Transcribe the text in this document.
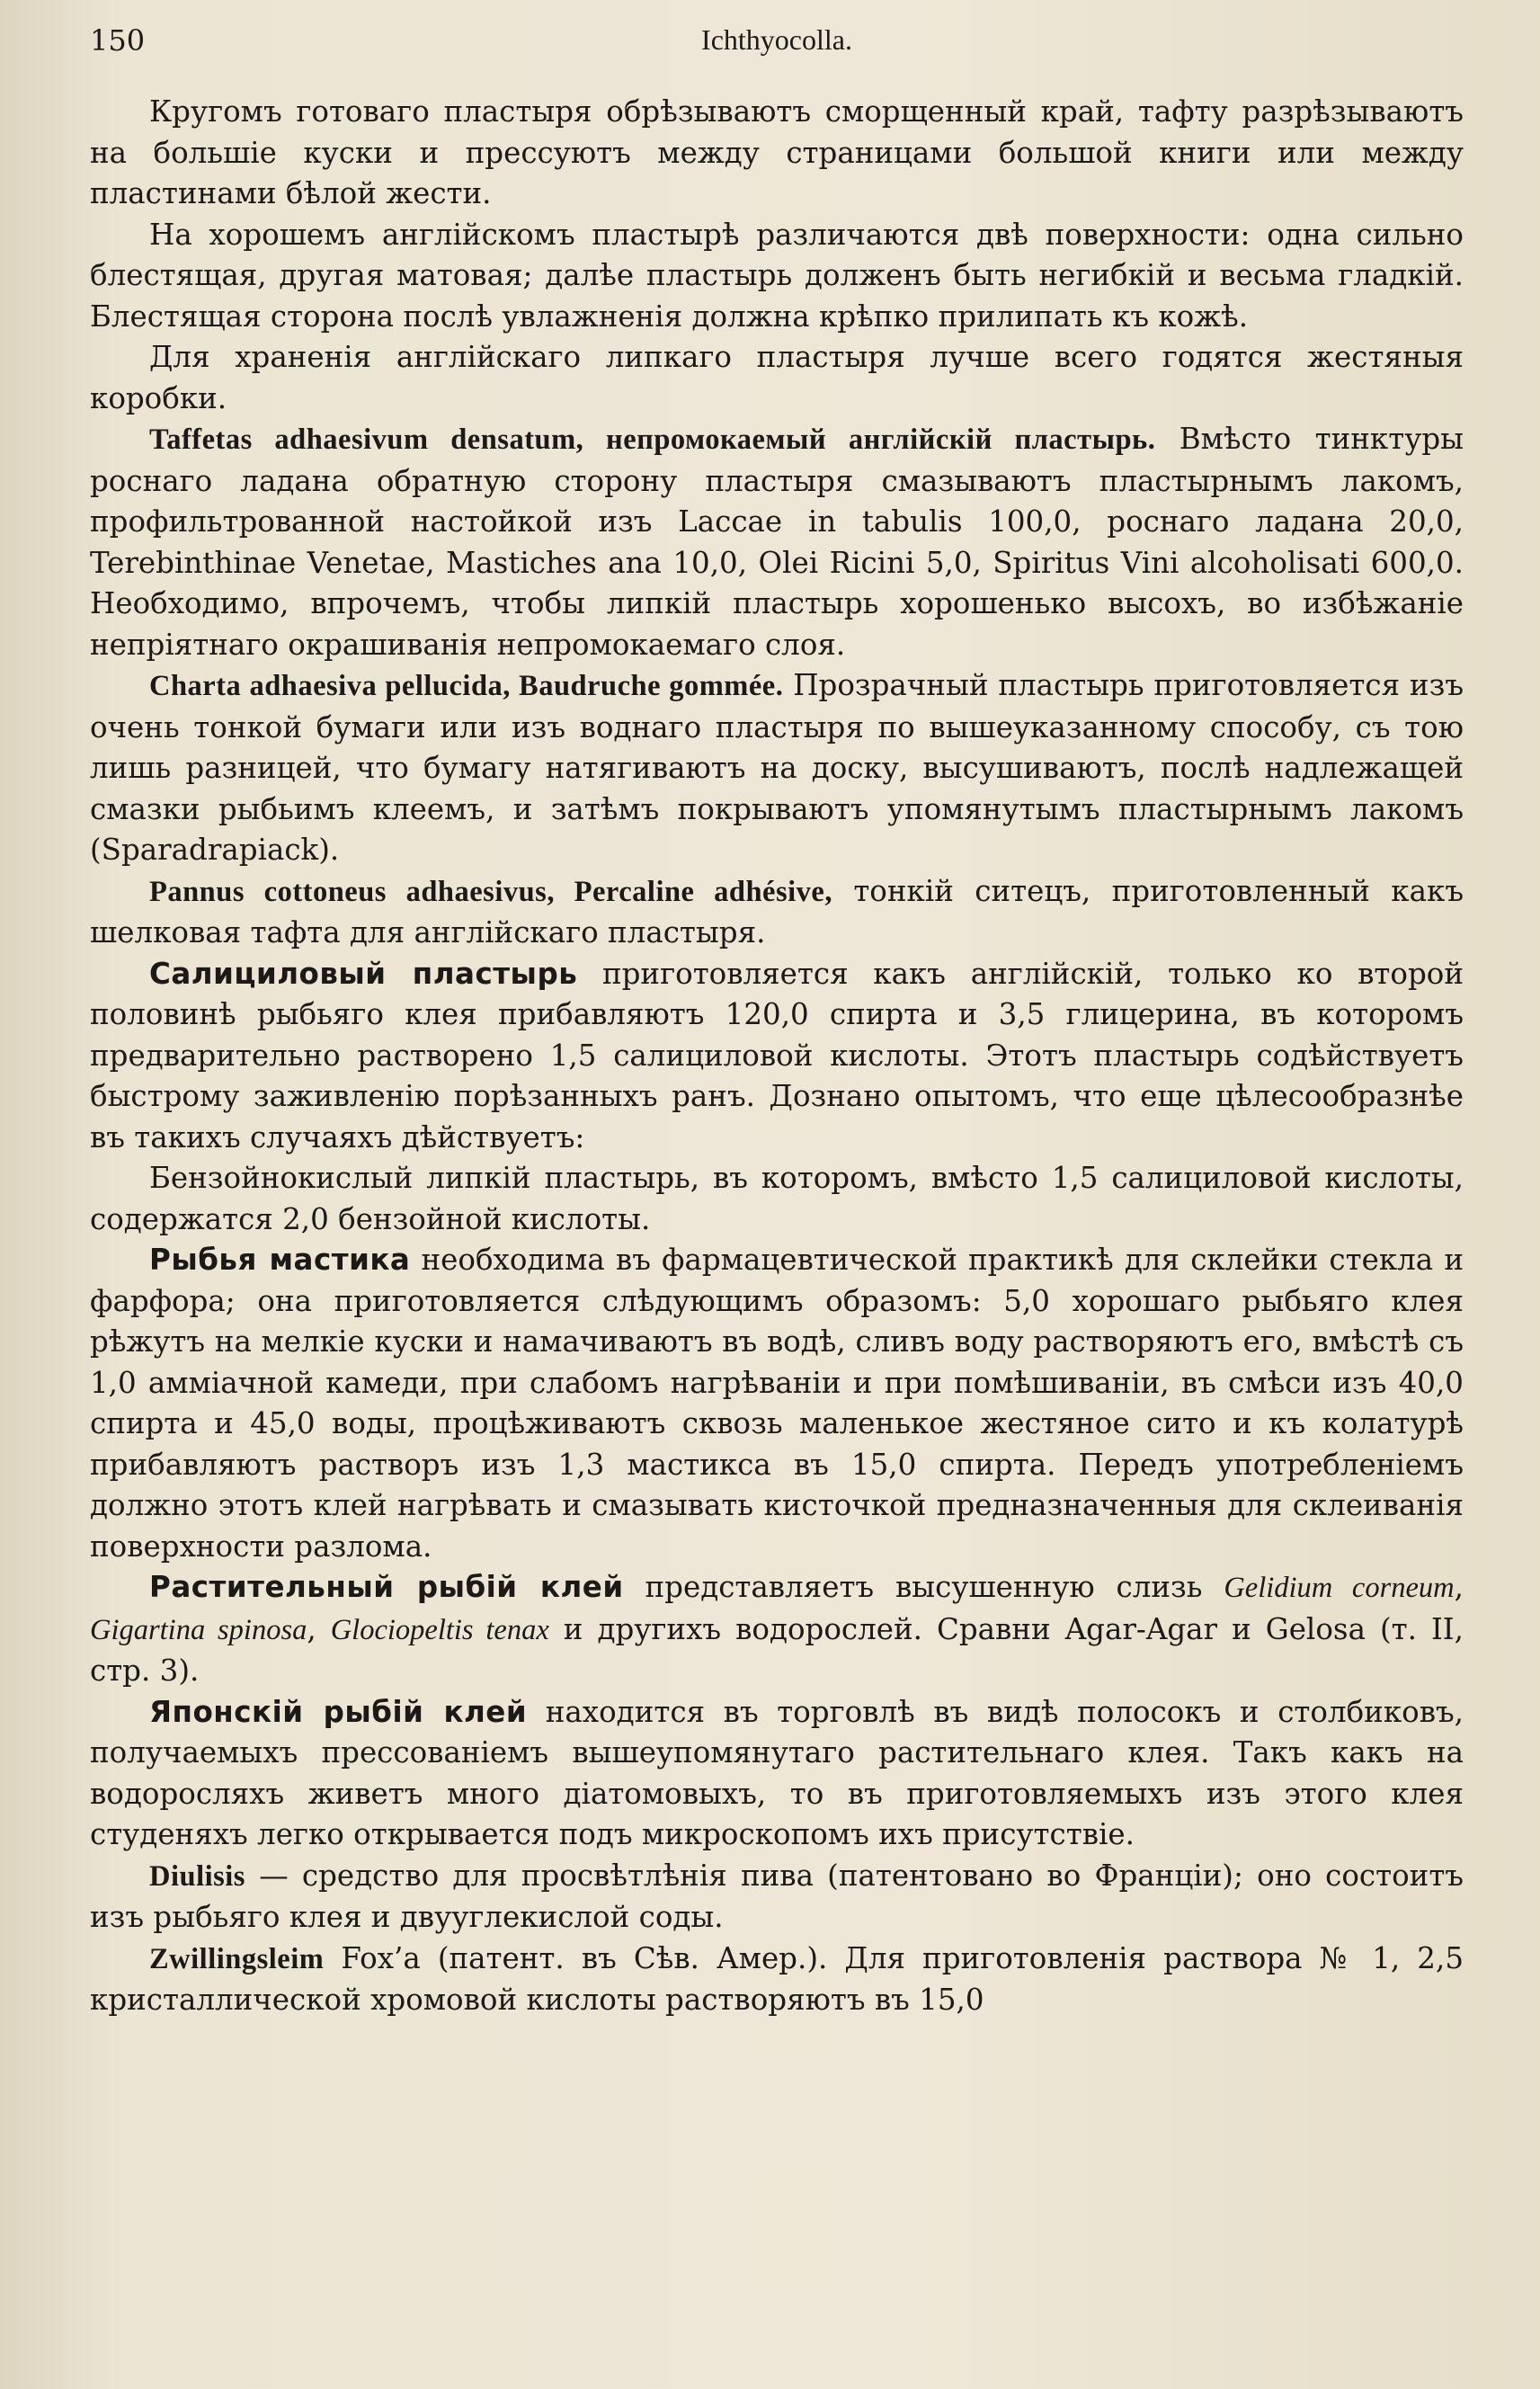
150	Ichthyocolla.

Кругомъ готоваго пластыря обрѣзываютъ сморщенный край, тафту разрѣзываютъ на большіе куски и прессуютъ между страницами большой книги или между пластинами бѣлой жести.

На хорошемъ англійскомъ пластырѣ различаются двѣ поверхности: одна сильно блестящая, другая матовая; далѣе пластырь долженъ быть негибкій и весьма гладкій. Блестящая сторона послѣ увлажненія должна крѣпко прилипать къ кожѣ.

Для храненія англійскаго липкаго пластыря лучше всего годятся жестяныя коробки.

Taffetas adhaesivum densatum, непромокаемый англійскій пластырь. Вмѣсто тинктуры роснаго ладана обратную сторону пластыря смазываютъ пластырнымъ лакомъ, профильтрованной настойкой изъ Laccae in tabulis 100,0, роснаго ладана 20,0, Terebinthinae Venetae, Mastiches ana 10,0, Olei Ricini 5,0, Spiritus Vini alcoholisati 600,0. Необходимо, впрочемъ, чтобы липкій пластырь хорошенько высохъ, во избѣжаніе непріятнаго окрашиванія непромокаемаго слоя.

Charta adhaesiva pellucida, Baudruche gommée. Прозрачный пластырь приготовляется изъ очень тонкой бумаги или изъ воднаго пластыря по вышеуказанному способу, съ тою лишь разницей, что бумагу натягиваютъ на доску, высушиваютъ, послѣ надлежащей смазки рыбьимъ клеемъ, и затѣмъ покрываютъ упомянутымъ пластырнымъ лакомъ (Sparadrapiack).

Pannus cottoneus adhaesivus, Percaline adhésive, тонкій ситецъ, приготовленный какъ шелковая тафта для англійскаго пластыря.

Салициловый пластырь приготовляется какъ англійскій, только ко второй половинѣ рыбьяго клея прибавляютъ 120,0 спирта и 3,5 глицерина, въ которомъ предварительно растворено 1,5 салициловой кислоты. Этотъ пластырь содѣйствуетъ быстрому заживленію порѣзанныхъ ранъ. Дознано опытомъ, что еще цѣлесообразнѣе въ такихъ случаяхъ дѣйствуетъ:

Бензойнокислый липкій пластырь, въ которомъ, вмѣсто 1,5 салициловой кислоты, содержатся 2,0 бензойной кислоты.

Рыбья мастика необходима въ фармацевтической практикѣ для склейки стекла и фарфора; она приготовляется слѣдующимъ образомъ: 5,0 хорошаго рыбьяго клея рѣжутъ на мелкіе куски и намачиваютъ въ водѣ, сливъ воду растворяютъ его, вмѣстѣ съ 1,0 амміачной камеди, при слабомъ нагрѣваніи и при помѣшиваніи, въ смѣси изъ 40,0 спирта и 45,0 воды, процѣживаютъ сквозь маленькое жестяное сито и къ колатурѣ прибавляютъ растворъ изъ 1,3 мастикса въ 15,0 спирта. Передъ употребленіемъ должно этотъ клей нагрѣвать и смазывать кисточкой предназначенныя для склеиванія поверхности разлома.

Растительный рыбій клей представляетъ высушенную слизь Gelidium corneum, Gigartina spinosa, Glociopeltis tenax и другихъ водорослей. Сравни Agar-Agar и Gelosa (т. II, стр. 3).

Японскій рыбій клей находится въ торговлѣ въ видѣ полосокъ и столбиковъ, получаемыхъ прессованіемъ вышеупомянутаго растительнаго клея. Такъ какъ на водоросляхъ живетъ много діатомовыхъ, то въ приготовляемыхъ изъ этого клея студеняхъ легко открывается подъ микроскопомъ ихъ присутствіе.

Diulisis — средство для просвѣтлѣнія пива (патентовано во Франціи); оно состоитъ изъ рыбьяго клея и двууглекислой соды.

Zwillingsleim Fox’a (патент. въ Сѣв. Амер.). Для приготовленія раствора № 1, 2,5 кристаллической хромовой кислоты растворяютъ въ 15,0
